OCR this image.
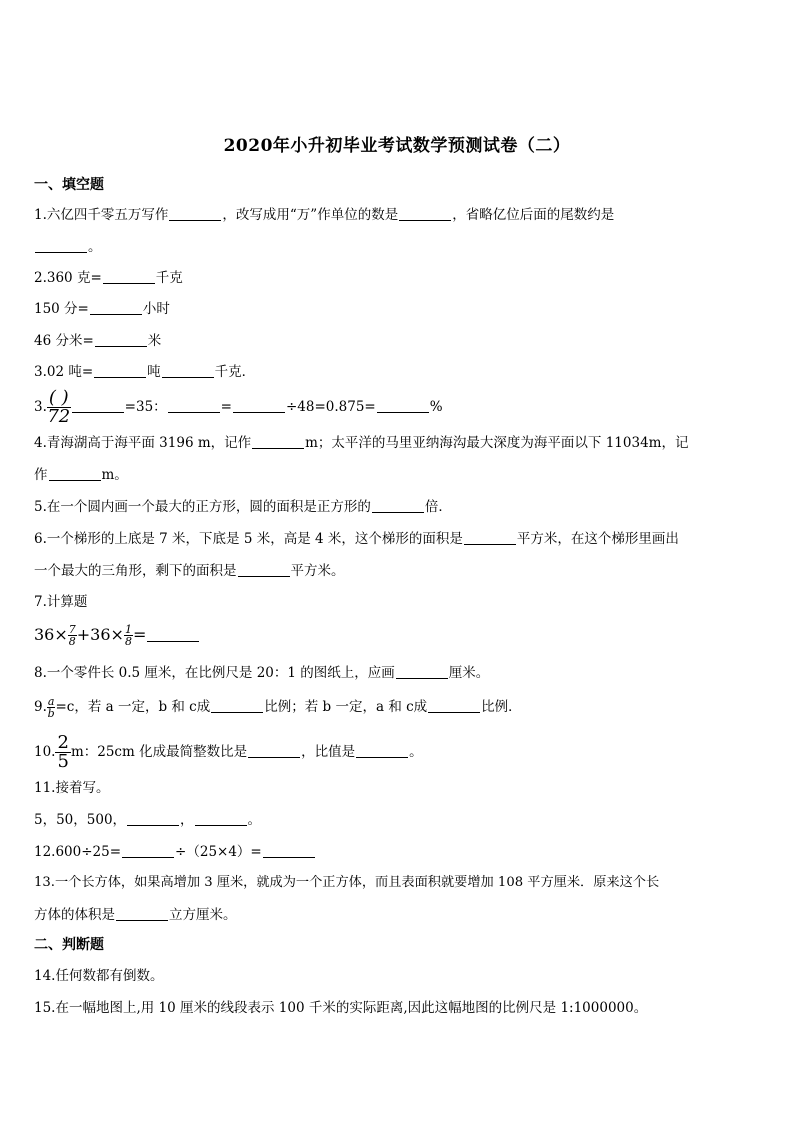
2020年小升初毕业考试数学预测试卷（二）
一、填空题
1.六亿四千零五万写作	，改写成用“万”作单位的数是	，省略亿位后面的尾数约是
。
2.360 克=	千克
150 分=	小时
46 分米=	米
3.02 吨=	吨	千克．
3. $\frac{( )}{72}$	=35：	=	÷48=0.875=	%
4.青海湖高于海平面 3196 m，记作	m；太平洋的马里亚纳海沟最大深度为海平面以下 11034m，记
作	m。
5.在一个圆内画一个最大的正方形，圆的面积是正方形的	倍．
6.一个梯形的上底是 7 米，下底是 5 米，高是 4 米，这个梯形的面积是	平方米，在这个梯形里画出
一个最大的三角形，剩下的面积是	平方米。
7.计算题
$36\times \frac{7}{8} +36\times \frac{1}{8}$ =
8.一个零件长 0.5 厘米，在比例尺是 20：1 的图纸上，应画	厘米。
9. $\frac{a}{b} =c$，若 a 一定，b 和 c成	比例；若 b 一定，a 和 c成	比例．
10. $\frac{2}{5}$ m：25cm 化成最简整数比是	，比值是	。
11.接着写。
5，50，500，	，	。
12.600÷25=	÷（25×4）=
13.一个长方体，如果高增加 3 厘米，就成为一个正方体，而且表面积就要增加 108 平方厘米．原来这个长
方体的体积是	立方厘米。
二、判断题
14.任何数都有倒数。
15.在一幅地图上,用 10 厘米的线段表示 100 千米的实际距离,因此这幅地图的比例尺是 1:1000000。
